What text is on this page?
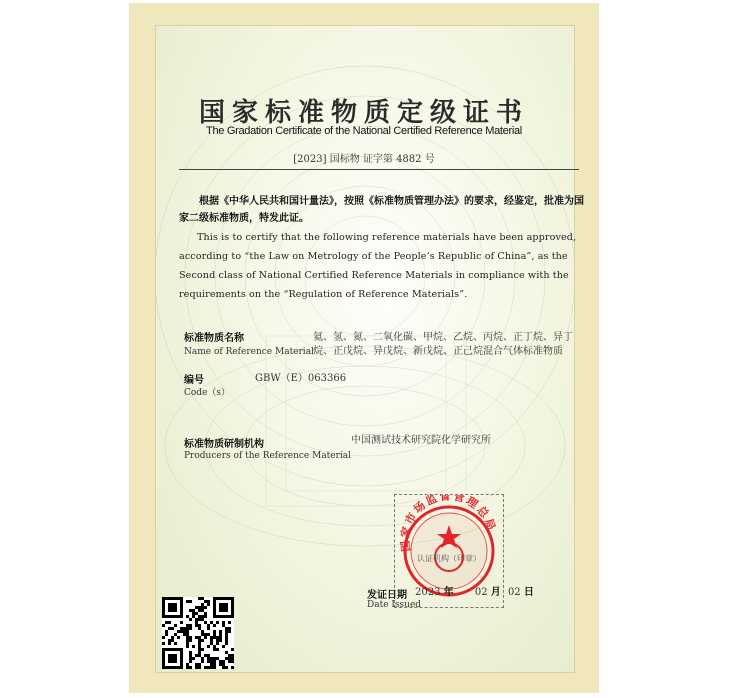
国家标准物质定级证书
The Gradation Certificate of the National Certified Reference Material
[2023] 国标物 证字第 4882 号
根据《中华人民共和国计量法》，按照《标准物质管理办法》的要求，经鉴定，批准为国家二级标准物质，特发此证。
This is to certify that the following reference materials have been approved, according to “the Law on Metrology of the People’s Republic of China”, as the Second class of National Certified Reference Materials in compliance with the requirements on the “Regulation of Reference Materials”.
标准物质名称
Name of Reference Material
氦、氢、氮、二氧化碳、甲烷、乙烷、丙烷、正丁烷、异丁烷、正戊烷、异戊烷、新戊烷、正己烷混合气体标准物质
编号
Code（s）
GBW（E）063366
标准物质研制机构
Producers of the Reference Material
中国测试技术研究院化学研究所
国家市场监督管理总局
认证机构（印章）
发证日期
Date Issued
2023 年 02 月 02 日
